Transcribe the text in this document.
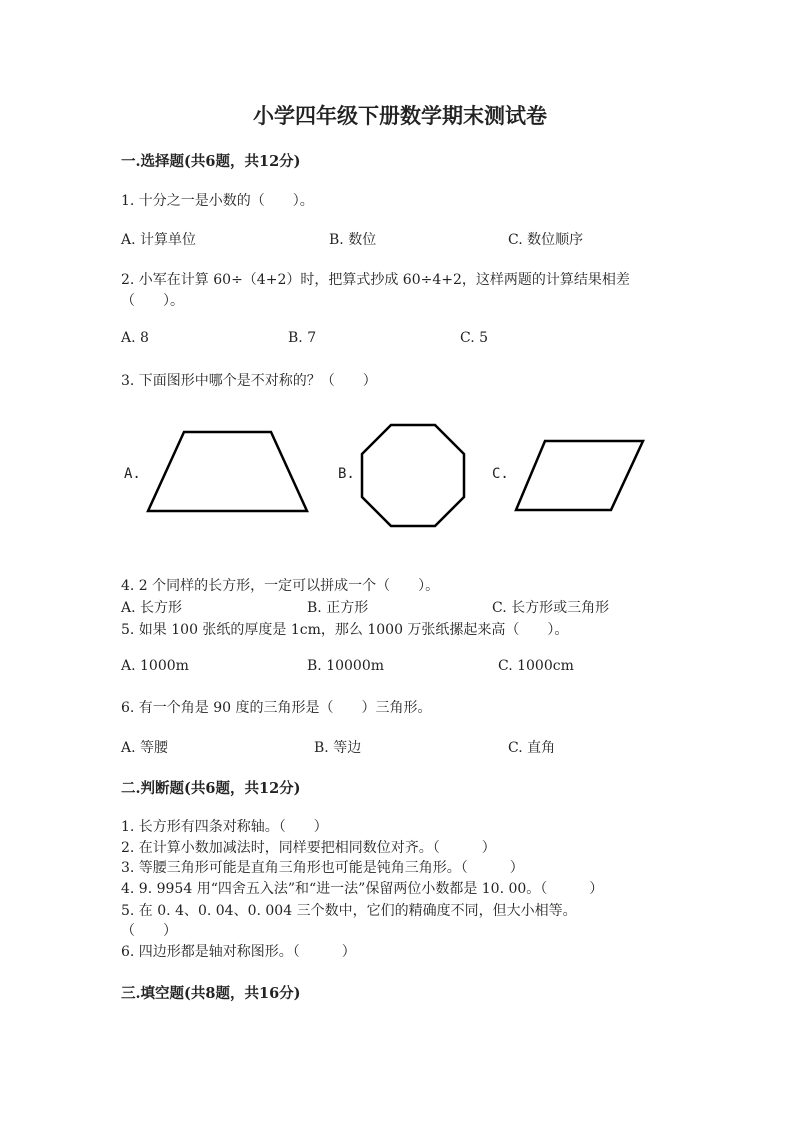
小学四年级下册数学期末测试卷
一.选择题(共6题，共12分)
1. 十分之一是小数的（　　）。
A. 计算单位	B. 数位	C. 数位顺序
2. 小军在计算 60÷（4+2）时，把算式抄成 60÷4+2，这样两题的计算结果相差
（　　）。
A. 8	B. 7	C. 5
3. 下面图形中哪个是不对称的？（　　）
A.	B.	C.
4. 2 个同样的长方形，一定可以拼成一个（　　）。
A. 长方形	B. 正方形	C. 长方形或三角形
5. 如果 100 张纸的厚度是 1cm，那么 1000 万张纸摞起来高（　　）。
A. 1000m	B. 10000m	C. 1000cm
6. 有一个角是 90 度的三角形是（　　）三角形。
A. 等腰	B. 等边	C. 直角
二.判断题(共6题，共12分)
1. 长方形有四条对称轴。（　　）
2. 在计算小数加减法时，同样要把相同数位对齐。（　　　）
3. 等腰三角形可能是直角三角形也可能是钝角三角形。（　　　）
4. 9. 9954 用“四舍五入法”和“进一法”保留两位小数都是 10. 00。（　　　）
5. 在 0. 4、0. 04、0. 004 三个数中，它们的精确度不同，但大小相等。
（　　）
6. 四边形都是轴对称图形。（　　　）
三.填空题(共8题，共16分)
